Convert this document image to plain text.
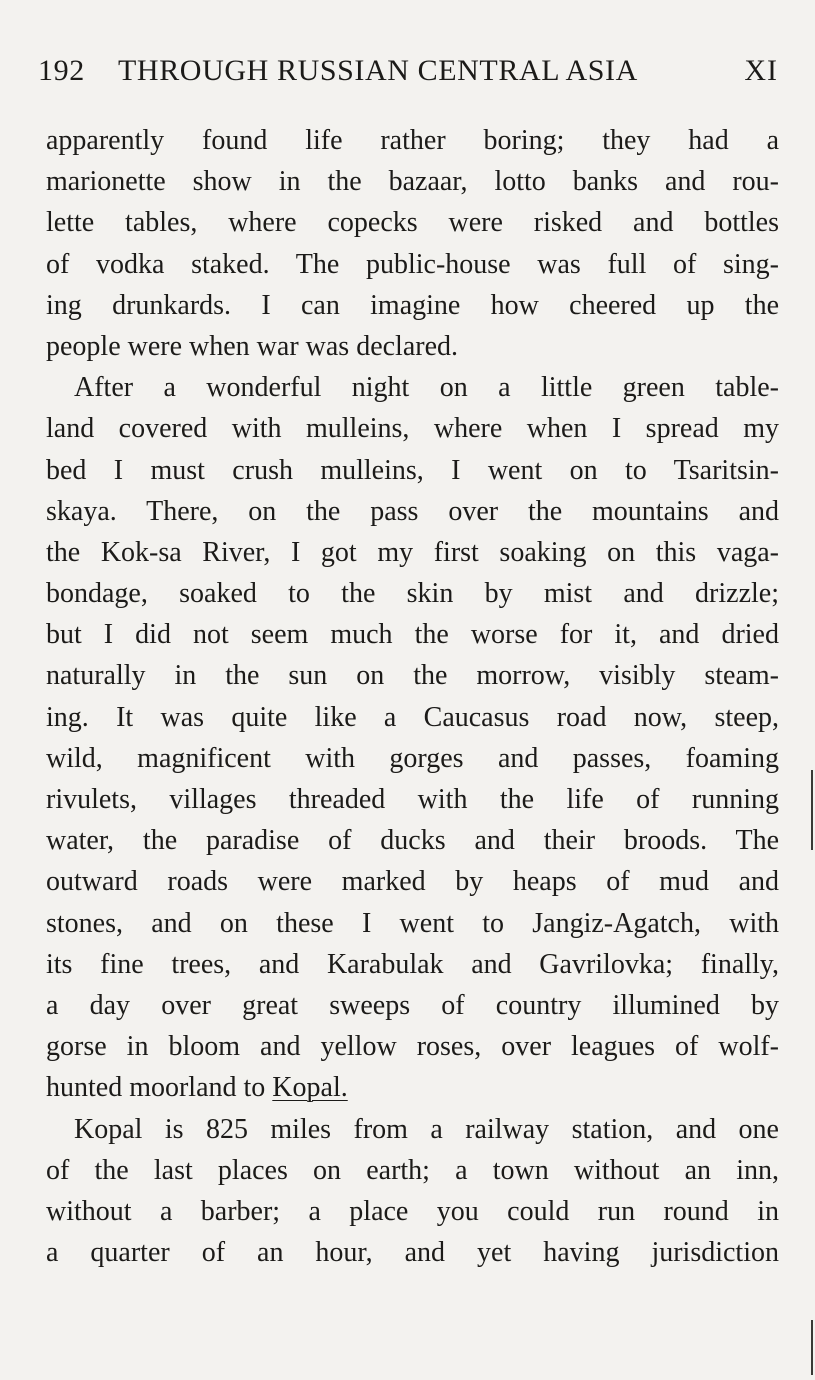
192 THROUGH RUSSIAN CENTRAL ASIA	XI
apparently found life rather boring; they had a
marionette show in the bazaar, lotto banks and rou-
lette tables, where copecks were risked and bottles
of vodka staked. The public-house was full of sing-
ing drunkards. I can imagine how cheered up the
people were when war was declared.
After a wonderful night on a little green table-
land covered with mulleins, where when I spread my
bed I must crush mulleins, I went on to Tsaritsin-
skaya. There, on the pass over the mountains and
the Kok-sa River, I got my first soaking on this vaga-
bondage, soaked to the skin by mist and drizzle;
but I did not seem much the worse for it, and dried
naturally in the sun on the morrow, visibly steam-
ing. It was quite like a Caucasus road now, steep,
wild, magnificent with gorges and passes, foaming
rivulets, villages threaded with the life of running
water, the paradise of ducks and their broods. The
outward roads were marked by heaps of mud and
stones, and on these I went to Jangiz-Agatch, with
its fine trees, and Karabulak and Gavrilovka; finally,
a day over great sweeps of country illumined by
gorse in bloom and yellow roses, over leagues of wolf-
hunted moorland to Kopal.
Kopal is 825 miles from a railway station, and one
of the last places on earth; a town without an inn,
without a barber; a place you could run round in
a quarter of an hour, and yet having jurisdiction
